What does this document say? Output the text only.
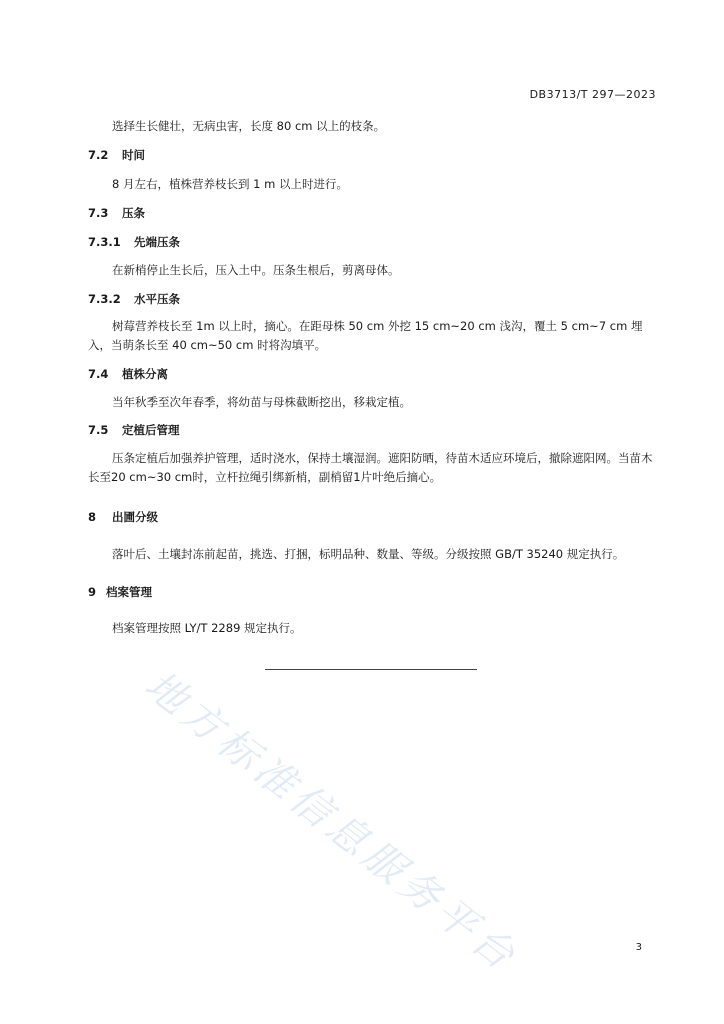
DB3713/T 297—2023
选择生长健壮，无病虫害，长度 80 cm 以上的枝条。
7.2 时间
8 月左右，植株营养枝长到 1 m 以上时进行。
7.3 压条
7.3.1 先端压条
在新梢停止生长后，压入土中。压条生根后，剪离母体。
7.3.2 水平压条
树莓营养枝长至 1m 以上时，摘心。在距母株 50 cm 外挖 15 cm~20 cm 浅沟，覆土 5 cm~7 cm 埋入，当萌条长至 40 cm~50 cm 时将沟填平。
7.4 植株分离
当年秋季至次年春季，将幼苗与母株截断挖出，移栽定植。
7.5 定植后管理
压条定植后加强养护管理，适时浇水，保持土壤湿润。遮阳防晒，待苗木适应环境后，撤除遮阳网。当苗木长至20 cm~30 cm时，立杆拉绳引绑新梢，副梢留1片叶绝后摘心。
8 出圃分级
落叶后、土壤封冻前起苗，挑选、打捆，标明品种、数量、等级。分级按照 GB/T 35240 规定执行。
9 档案管理
档案管理按照 LY/T 2289 规定执行。
地方标准信息服务平台	3
